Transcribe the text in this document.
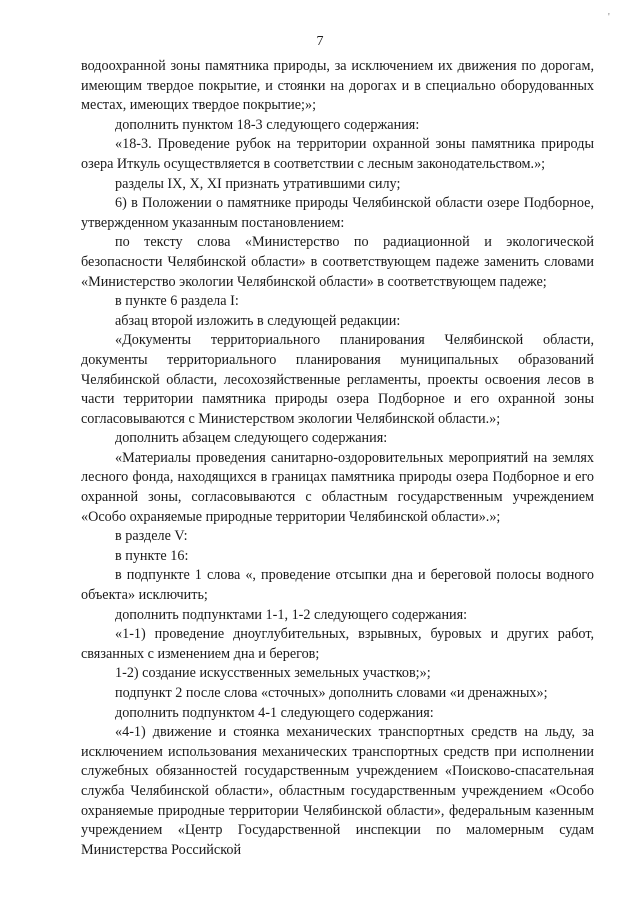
'
7

водоохранной зоны памятника природы, за исключением их движения по дорогам, имеющим твердое покрытие, и стоянки на дорогах и в специально оборудованных местах, имеющих твердое покрытие;»;

дополнить пунктом 18-3 следующего содержания:

«18-3. Проведение рубок на территории охранной зоны памятника природы озера Иткуль осуществляется в соответствии с лесным законодательством.»;

разделы IX, X, XI признать утратившими силу;

6) в Положении о памятнике природы Челябинской области озере Подборное, утвержденном указанным постановлением:

по тексту слова «Министерство по радиационной и экологической безопасности Челябинской области» в соответствующем падеже заменить словами «Министерство экологии Челябинской области» в соответствующем падеже;

в пункте 6 раздела I:

абзац второй изложить в следующей редакции:

«Документы территориального планирования Челябинской области, документы территориального планирования муниципальных образований Челябинской области, лесохозяйственные регламенты, проекты освоения лесов в части территории памятника природы озера Подборное и его охранной зоны согласовываются с Министерством экологии Челябинской области.»;

дополнить абзацем следующего содержания:

«Материалы проведения санитарно-оздоровительных мероприятий на землях лесного фонда, находящихся в границах памятника природы озера Подборное и его охранной зоны, согласовываются с областным государственным учреждением «Особо охраняемые природные территории Челябинской области».»;

в разделе V:

в пункте 16:

в подпункте 1 слова «, проведение отсыпки дна и береговой полосы водного объекта» исключить;

дополнить подпунктами 1-1, 1-2 следующего содержания:

«1-1) проведение дноуглубительных, взрывных, буровых и других работ, связанных с изменением дна и берегов;

1-2) создание искусственных земельных участков;»;

подпункт 2 после слова «сточных» дополнить словами «и дренажных»;

дополнить подпунктом 4-1 следующего содержания:

«4-1) движение и стоянка механических транспортных средств на льду, за исключением использования механических транспортных средств при исполнении служебных обязанностей государственным учреждением «Поисково-спасательная служба Челябинской области», областным государственным учреждением «Особо охраняемые природные территории Челябинской области», федеральным казенным учреждением «Центр Государственной инспекции по маломерным судам Министерства Российской
